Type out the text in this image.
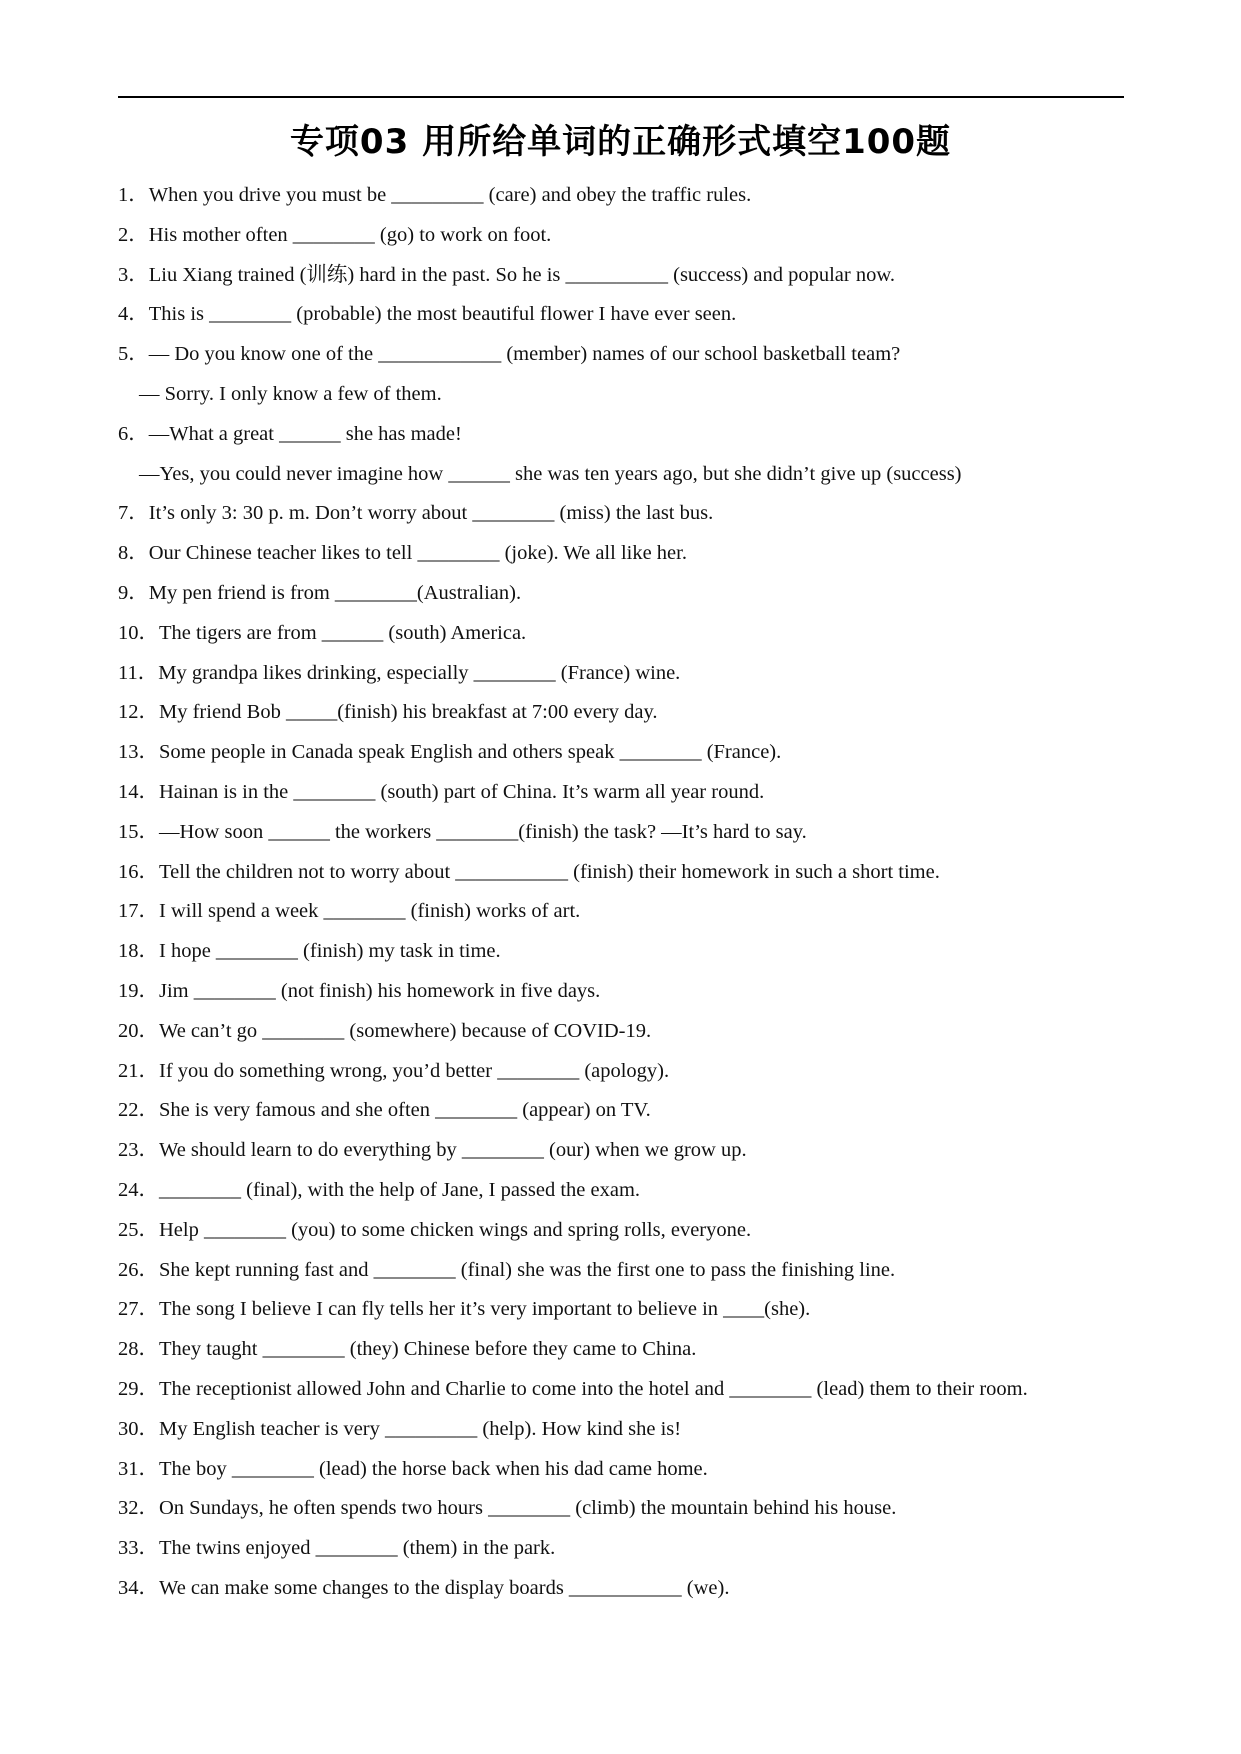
专项03 用所给单词的正确形式填空100题
1．When you drive you must be _________ (care) and obey the traffic rules.
2．His mother often ________ (go) to work on foot.
3．Liu Xiang trained (训练) hard in the past. So he is __________ (success) and popular now.
4．This is ________ (probable) the most beautiful flower I have ever seen.
5．— Do you know one of the ____________ (member) names of our school basketball team?
— Sorry. I only know a few of them.
6．—What a great ______ she has made!
—Yes, you could never imagine how ______ she was ten years ago, but she didn’t give up (success)
7．It’s only 3: 30 p. m. Don’t worry about ________ (miss) the last bus.
8．Our Chinese teacher likes to tell ________ (joke). We all like her.
9．My pen friend is from ________(Australian).
10．The tigers are from ______ (south) America.
11．My grandpa likes drinking, especially ________ (France) wine.
12．My friend Bob _____(finish) his breakfast at 7:00 every day.
13．Some people in Canada speak English and others speak ________ (France).
14．Hainan is in the ________ (south) part of China. It’s warm all year round.
15．—How soon ______ the workers ________(finish) the task? —It’s hard to say.
16．Tell the children not to worry about ___________ (finish) their homework in such a short time.
17．I will spend a week ________ (finish) works of art.
18．I hope ________ (finish) my task in time.
19．Jim ________ (not finish) his homework in five days.
20．We can’t go ________ (somewhere) because of COVID-19.
21．If you do something wrong, you’d better ________ (apology).
22．She is very famous and she often ________ (appear) on TV.
23．We should learn to do everything by ________ (our) when we grow up.
24．________ (final), with the help of Jane, I passed the exam.
25．Help ________ (you) to some chicken wings and spring rolls, everyone.
26．She kept running fast and ________ (final) she was the first one to pass the finishing line.
27．The song I believe I can fly tells her it’s very important to believe in ____(she).
28．They taught ________ (they) Chinese before they came to China.
29．The receptionist allowed John and Charlie to come into the hotel and ________ (lead) them to their room.
30．My English teacher is very _________ (help). How kind she is!
31．The boy ________ (lead) the horse back when his dad came home.
32．On Sundays, he often spends two hours ________ (climb) the mountain behind his house.
33．The twins enjoyed ________ (them) in the park.
34．We can make some changes to the display boards ___________ (we).
